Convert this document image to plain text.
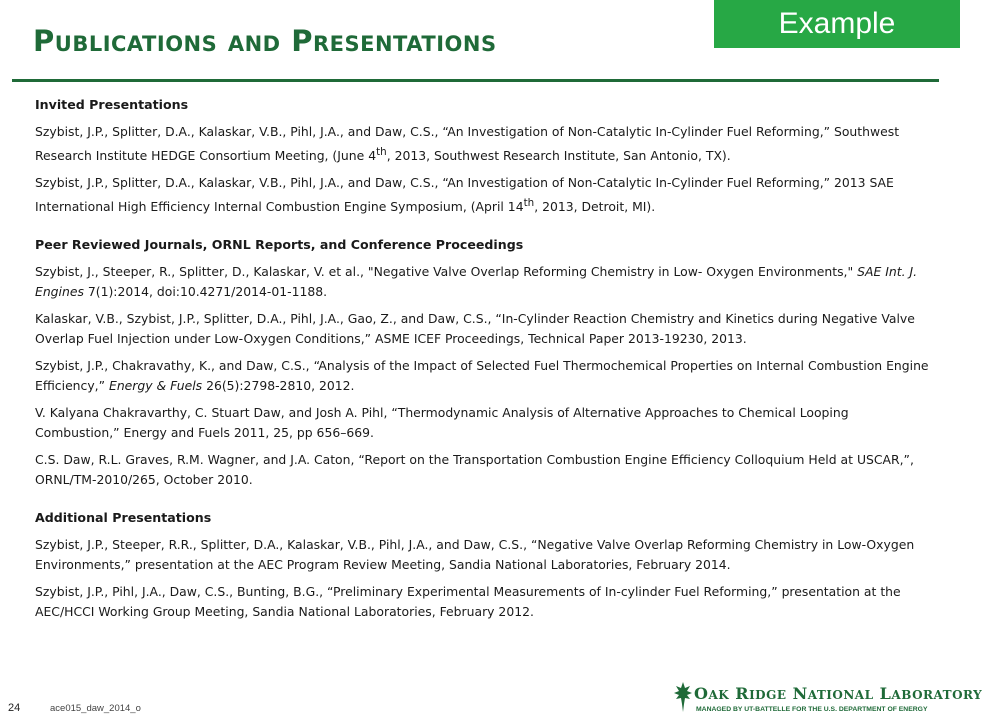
Example
PUBLICATIONS AND PRESENTATIONS

Invited Presentations

Szybist, J.P., Splitter, D.A., Kalaskar, V.B., Pihl, J.A., and Daw, C.S., “An Investigation of Non-Catalytic In-Cylinder Fuel Reforming,” Southwest Research Institute HEDGE Consortium Meeting, (June 4th, 2013, Southwest Research Institute, San Antonio, TX).

Szybist, J.P., Splitter, D.A., Kalaskar, V.B., Pihl, J.A., and Daw, C.S., “An Investigation of Non-Catalytic In-Cylinder Fuel Reforming,” 2013 SAE International High Efficiency Internal Combustion Engine Symposium, (April 14th, 2013, Detroit, MI).

Peer Reviewed Journals, ORNL Reports, and Conference Proceedings

Szybist, J., Steeper, R., Splitter, D., Kalaskar, V. et al., "Negative Valve Overlap Reforming Chemistry in Low- Oxygen Environments," SAE Int. J. Engines 7(1):2014, doi:10.4271/2014-01-1188.

Kalaskar, V.B., Szybist, J.P., Splitter, D.A., Pihl, J.A., Gao, Z., and Daw, C.S., “In-Cylinder Reaction Chemistry and Kinetics during Negative Valve Overlap Fuel Injection under Low-Oxygen Conditions,” ASME ICEF Proceedings, Technical Paper 2013-19230, 2013.

Szybist, J.P., Chakravathy, K., and Daw, C.S., “Analysis of the Impact of Selected Fuel Thermochemical Properties on Internal Combustion Engine Efficiency,” Energy & Fuels 26(5):2798-2810, 2012.

V. Kalyana Chakravarthy, C. Stuart Daw, and Josh A. Pihl, “Thermodynamic Analysis of Alternative Approaches to Chemical Looping Combustion,” Energy and Fuels 2011, 25, pp 656–669.

C.S. Daw, R.L. Graves, R.M. Wagner, and J.A. Caton, “Report on the Transportation Combustion Engine Efficiency Colloquium Held at USCAR,”, ORNL/TM-2010/265, October 2010.

Additional Presentations

Szybist, J.P., Steeper, R.R., Splitter, D.A., Kalaskar, V.B., Pihl, J.A., and Daw, C.S., “Negative Valve Overlap Reforming Chemistry in Low-Oxygen Environments,” presentation at the AEC Program Review Meeting, Sandia National Laboratories, February 2014.

Szybist, J.P., Pihl, J.A., Daw, C.S., Bunting, B.G., “Preliminary Experimental Measurements of In-cylinder Fuel Reforming,” presentation at the AEC/HCCI Working Group Meeting, Sandia National Laboratories, February 2012.

24	ace015_daw_2014_o
OAK RIDGE NATIONAL LABORATORY
MANAGED BY UT-BATTELLE FOR THE U.S. DEPARTMENT OF ENERGY
